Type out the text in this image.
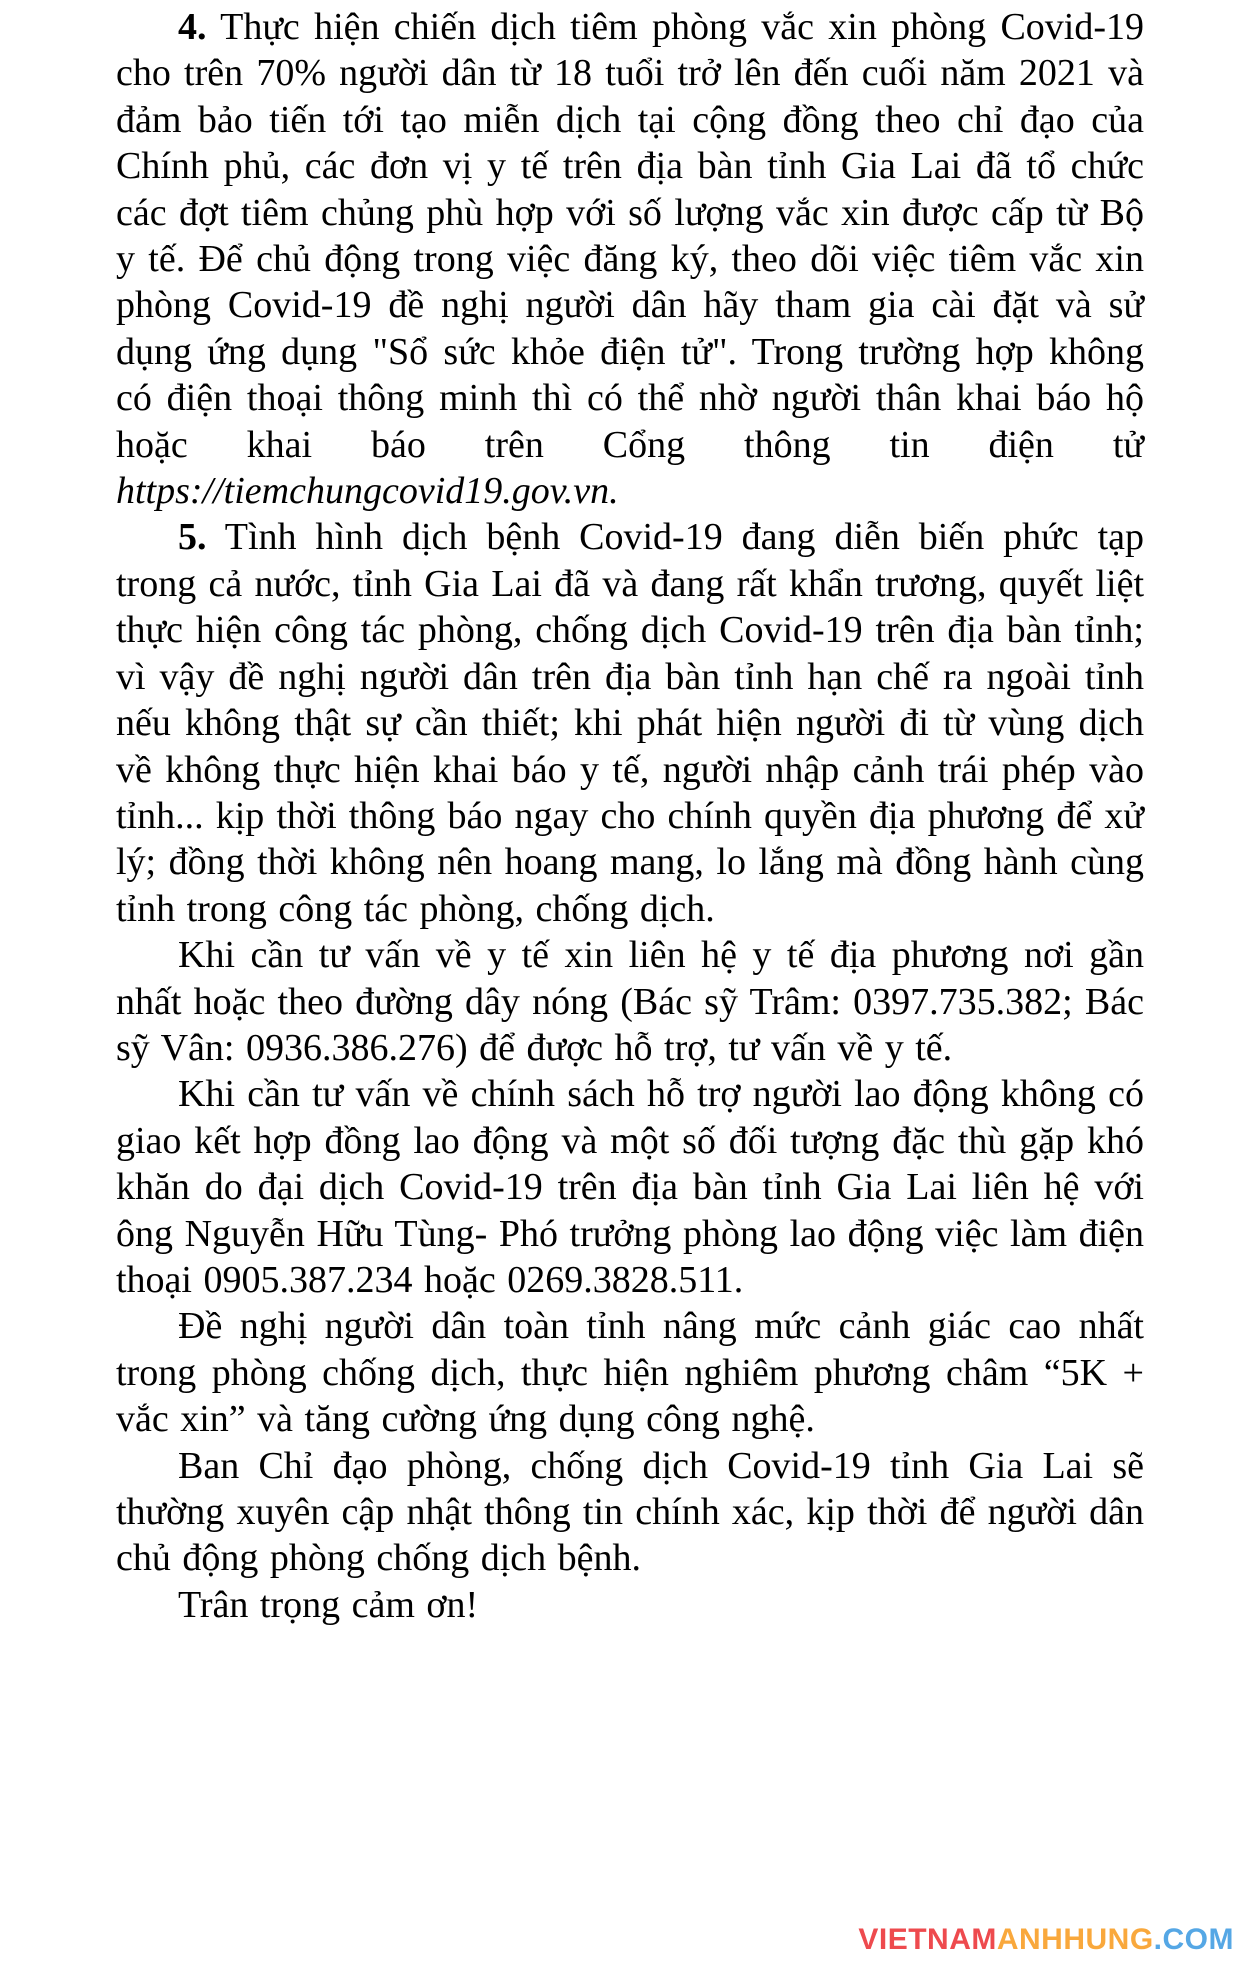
4. Thực hiện chiến dịch tiêm phòng vắc xin phòng Covid-19 cho trên 70% người dân từ 18 tuổi trở lên đến cuối năm 2021 và đảm bảo tiến tới tạo miễn dịch tại cộng đồng theo chỉ đạo của Chính phủ, các đơn vị y tế trên địa bàn tỉnh Gia Lai đã tổ chức các đợt tiêm chủng phù hợp với số lượng vắc xin được cấp từ Bộ y tế. Để chủ động trong việc đăng ký, theo dõi việc tiêm vắc xin phòng Covid-19 đề nghị người dân hãy tham gia cài đặt và sử dụng ứng dụng "Sổ sức khỏe điện tử". Trong trường hợp không có điện thoại thông minh thì có thể nhờ người thân khai báo hộ hoặc khai báo trên Cổng thông tin điện tử https://tiemchungcovid19.gov.vn.

5. Tình hình dịch bệnh Covid-19 đang diễn biến phức tạp trong cả nước, tỉnh Gia Lai đã và đang rất khẩn trương, quyết liệt thực hiện công tác phòng, chống dịch Covid-19 trên địa bàn tỉnh; vì vậy đề nghị người dân trên địa bàn tỉnh hạn chế ra ngoài tỉnh nếu không thật sự cần thiết; khi phát hiện người đi từ vùng dịch về không thực hiện khai báo y tế, người nhập cảnh trái phép vào tỉnh... kịp thời thông báo ngay cho chính quyền địa phương để xử lý; đồng thời không nên hoang mang, lo lắng mà đồng hành cùng tỉnh trong công tác phòng, chống dịch.

Khi cần tư vấn về y tế xin liên hệ y tế địa phương nơi gần nhất hoặc theo đường dây nóng (Bác sỹ Trâm: 0397.735.382; Bác sỹ Vân: 0936.386.276) để được hỗ trợ, tư vấn về y tế.

Khi cần tư vấn về chính sách hỗ trợ người lao động không có giao kết hợp đồng lao động và một số đối tượng đặc thù gặp khó khăn do đại dịch Covid-19 trên địa bàn tỉnh Gia Lai liên hệ với ông Nguyễn Hữu Tùng- Phó trưởng phòng lao động việc làm điện thoại 0905.387.234 hoặc 0269.3828.511.

Đề nghị người dân toàn tỉnh nâng mức cảnh giác cao nhất trong phòng chống dịch, thực hiện nghiêm phương châm “5K + vắc xin” và tăng cường ứng dụng công nghệ.

Ban Chỉ đạo phòng, chống dịch Covid-19 tỉnh Gia Lai sẽ thường xuyên cập nhật thông tin chính xác, kịp thời để người dân chủ động phòng chống dịch bệnh.

Trân trọng cảm ơn!

VIETNAMANHHUNG.COM
